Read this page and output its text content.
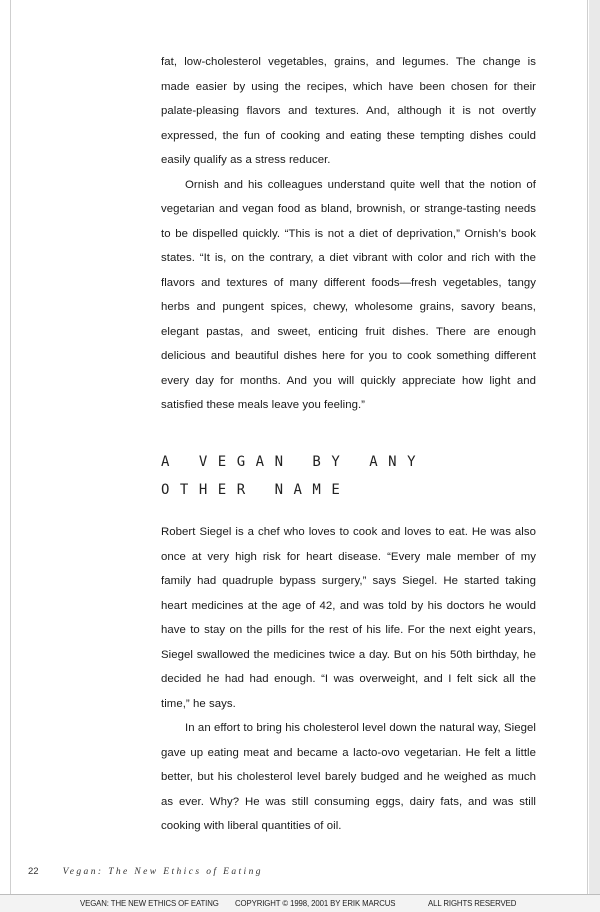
fat, low-cholesterol vegetables, grains, and legumes. The change is made easier by using the recipes, which have been chosen for their palate-pleasing flavors and textures. And, although it is not overtly expressed, the fun of cooking and eating these tempting dishes could easily qualify as a stress reducer.

Ornish and his colleagues understand quite well that the notion of vegetarian and vegan food as bland, brownish, or strange-tasting needs to be dispelled quickly. “This is not a diet of deprivation,” Ornish’s book states. “It is, on the contrary, a diet vibrant with color and rich with the flavors and textures of many different foods—fresh vegetables, tangy herbs and pungent spices, chewy, wholesome grains, savory beans, elegant pastas, and sweet, enticing fruit dishes. There are enough delicious and beautiful dishes here for you to cook something different every day for months. And you will quickly appreciate how light and satisfied these meals leave you feeling.”

A VEGAN BY ANY
OTHER NAME

Robert Siegel is a chef who loves to cook and loves to eat. He was also once at very high risk for heart disease. “Every male member of my family had quadruple bypass surgery,” says Siegel. He started taking heart medicines at the age of 42, and was told by his doctors he would have to stay on the pills for the rest of his life. For the next eight years, Siegel swallowed the medicines twice a day. But on his 50th birthday, he decided he had had enough. “I was overweight, and I felt sick all the time,” he says.

In an effort to bring his cholesterol level down the natural way, Siegel gave up eating meat and became a lacto-ovo vegetarian. He felt a little better, but his cholesterol level barely budged and he weighed as much as ever. Why? He was still consuming eggs, dairy fats, and was still cooking with liberal quantities of oil.

22	Vegan: The New Ethics of Eating
VEGAN: THE NEW ETHICS OF EATING COPYRIGHT © 1998, 2001 BY ERIK MARCUS	ALL RIGHTS RESERVED
